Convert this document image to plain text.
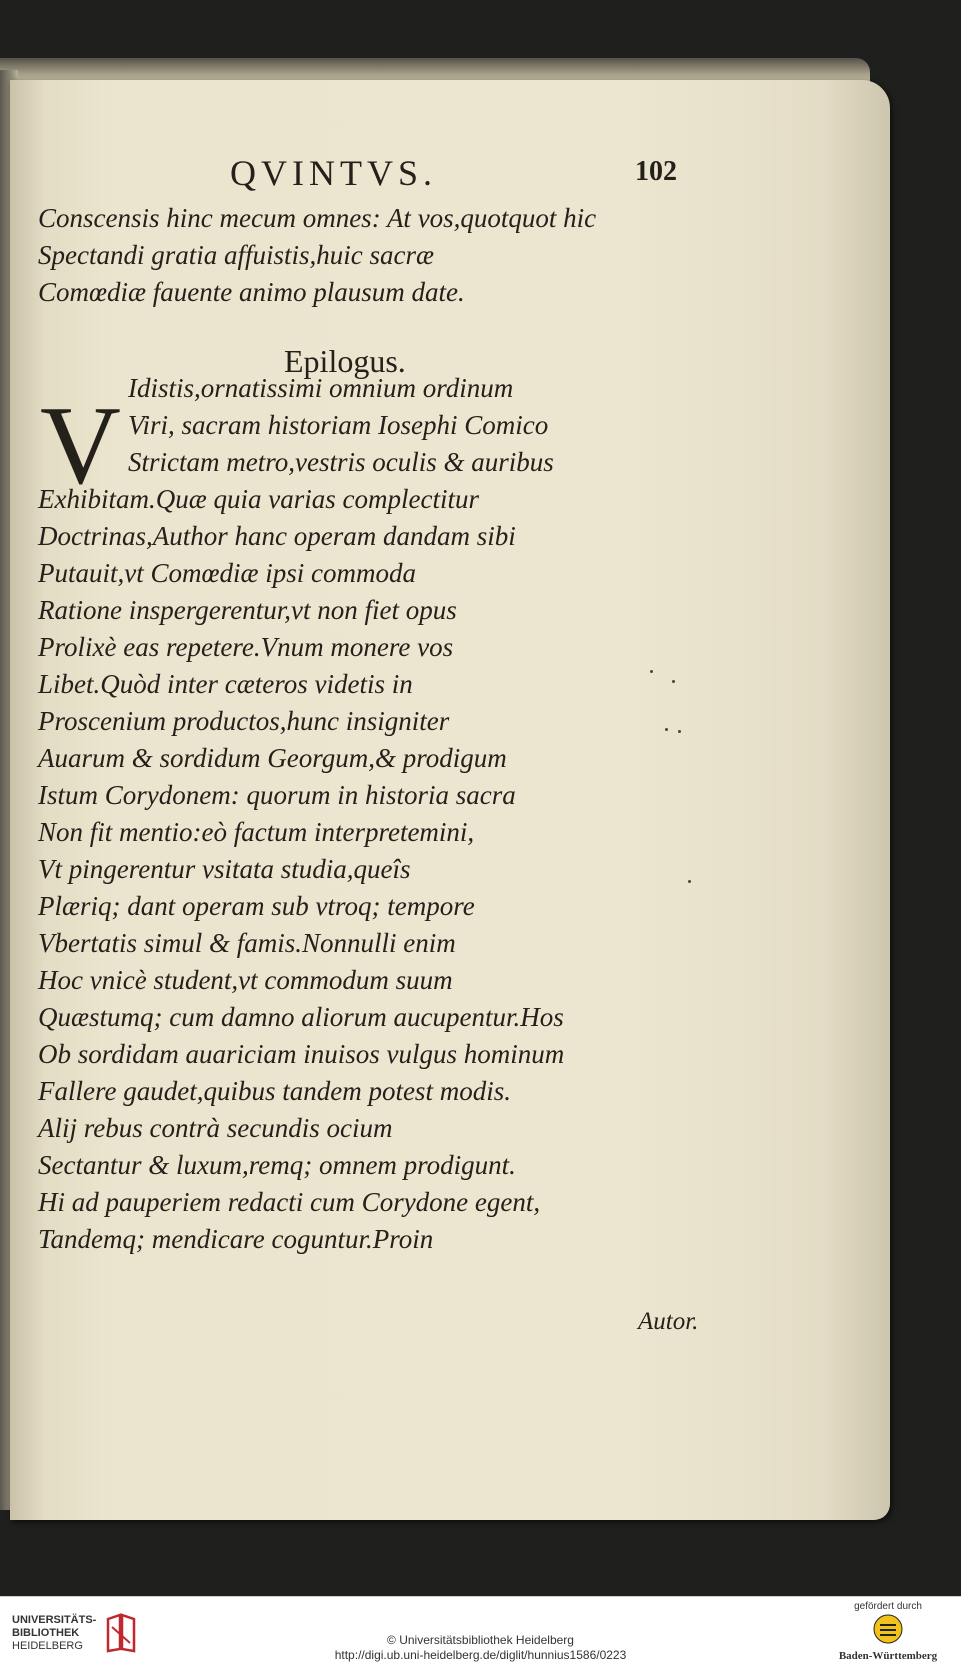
QVINTVS.	102
Conscensis hinc mecum omnes: At vos,quotquot hic
Spectandi gratia affuistis,huic sacræ
Comœdiæ fauente animo plausum date.
Epilogus.
V Idistis,ornatissimi omnium ordinum
Viri, sacram historiam Iosephi Comico
Strictam metro,vestris oculis & auribus
Exhibitam.Quæ quia varias complectitur
Doctrinas,Author hanc operam dandam sibi
Putauit,vt Comœdiæ ipsi commoda
Ratione inspergerentur,vt non fiet opus
Prolixè eas repetere.Vnum monere vos
Libet.Quòd inter cæteros videtis in
Proscenium productos,hunc insigniter
Auarum & sordidum Georgum,& prodigum
Istum Corydonem: quorum in historia sacra
Non fit mentio:eò factum interpretemini,
Vt pingerentur vsitata studia,queîs
Plæriq; dant operam sub vtroq; tempore
Vbertatis simul & famis.Nonnulli enim
Hoc vnicè student,vt commodum suum
Quæstumq; cum damno aliorum aucupentur.Hos
Ob sordidam auariciam inuisos vulgus hominum
Fallere gaudet,quibus tandem potest modis.
Alij rebus contrà secundis ocium
Sectantur & luxum,remq; omnem prodigunt.
Hi ad pauperiem redacti cum Corydone egent,
Tandemq; mendicare coguntur.Proin
Autor.
UNIVERSITÄTS-
BIBLIOTHEK
HEIDELBERG	© Universitätsbibliothek Heidelberg
http://digi.ub.uni-heidelberg.de/diglit/hunnius1586/0223
gefördert durch
Baden-Württemberg
